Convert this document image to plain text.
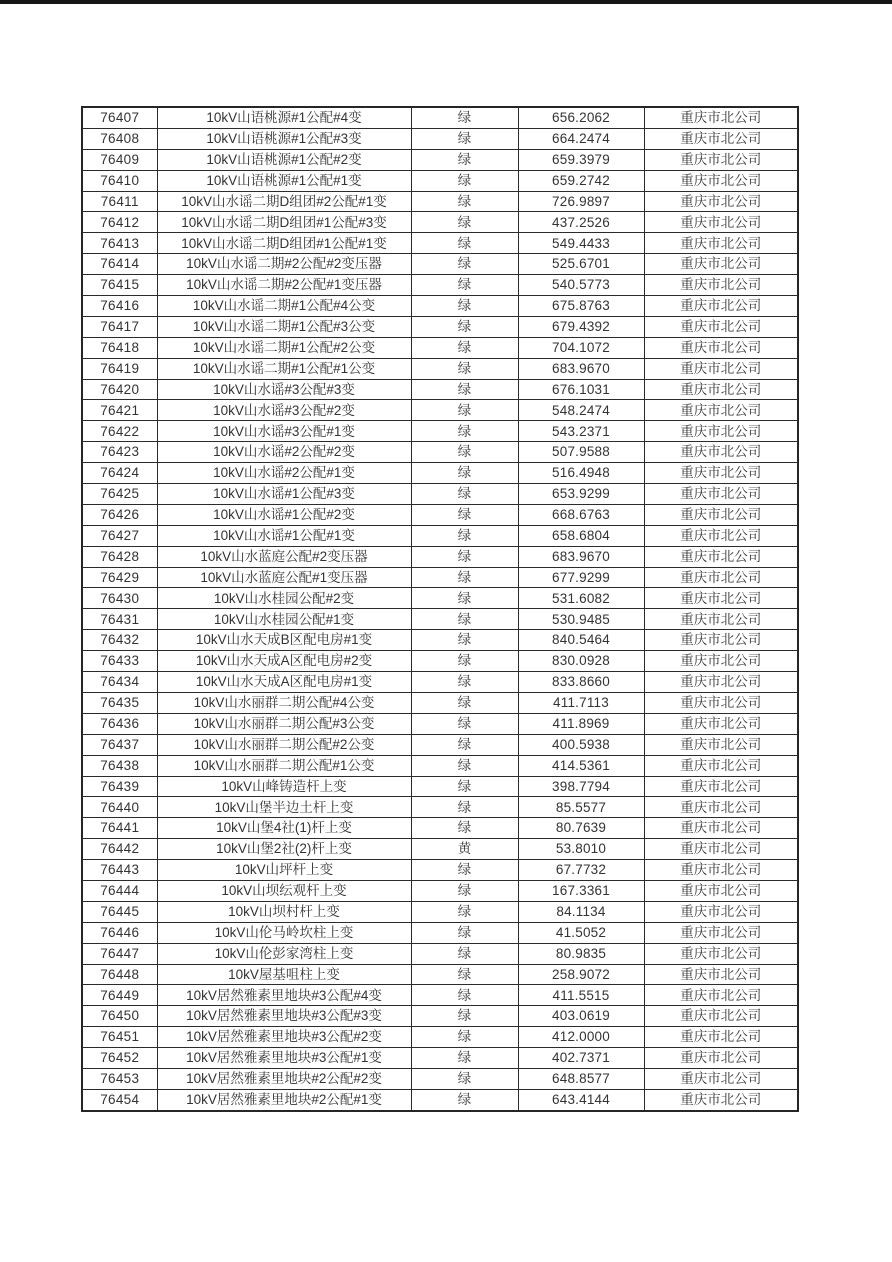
76407	10kV山语桃源#1公配#4变	绿	656.2062	重庆市北公司
76408	10kV山语桃源#1公配#3变	绿	664.2474	重庆市北公司
76409	10kV山语桃源#1公配#2变	绿	659.3979	重庆市北公司
76410	10kV山语桃源#1公配#1变	绿	659.2742	重庆市北公司
76411	10kV山水谣二期D组团#2公配#1变	绿	726.9897	重庆市北公司
76412	10kV山水谣二期D组团#1公配#3变	绿	437.2526	重庆市北公司
76413	10kV山水谣二期D组团#1公配#1变	绿	549.4433	重庆市北公司
76414	10kV山水谣二期#2公配#2变压器	绿	525.6701	重庆市北公司
76415	10kV山水谣二期#2公配#1变压器	绿	540.5773	重庆市北公司
76416	10kV山水谣二期#1公配#4公变	绿	675.8763	重庆市北公司
76417	10kV山水谣二期#1公配#3公变	绿	679.4392	重庆市北公司
76418	10kV山水谣二期#1公配#2公变	绿	704.1072	重庆市北公司
76419	10kV山水谣二期#1公配#1公变	绿	683.9670	重庆市北公司
76420	10kV山水谣#3公配#3变	绿	676.1031	重庆市北公司
76421	10kV山水谣#3公配#2变	绿	548.2474	重庆市北公司
76422	10kV山水谣#3公配#1变	绿	543.2371	重庆市北公司
76423	10kV山水谣#2公配#2变	绿	507.9588	重庆市北公司
76424	10kV山水谣#2公配#1变	绿	516.4948	重庆市北公司
76425	10kV山水谣#1公配#3变	绿	653.9299	重庆市北公司
76426	10kV山水谣#1公配#2变	绿	668.6763	重庆市北公司
76427	10kV山水谣#1公配#1变	绿	658.6804	重庆市北公司
76428	10kV山水蓝庭公配#2变压器	绿	683.9670	重庆市北公司
76429	10kV山水蓝庭公配#1变压器	绿	677.9299	重庆市北公司
76430	10kV山水桂园公配#2变	绿	531.6082	重庆市北公司
76431	10kV山水桂园公配#1变	绿	530.9485	重庆市北公司
76432	10kV山水天成B区配电房#1变	绿	840.5464	重庆市北公司
76433	10kV山水天成A区配电房#2变	绿	830.0928	重庆市北公司
76434	10kV山水天成A区配电房#1变	绿	833.8660	重庆市北公司
76435	10kV山水丽群二期公配#4公变	绿	411.7113	重庆市北公司
76436	10kV山水丽群二期公配#3公变	绿	411.8969	重庆市北公司
76437	10kV山水丽群二期公配#2公变	绿	400.5938	重庆市北公司
76438	10kV山水丽群二期公配#1公变	绿	414.5361	重庆市北公司
76439	10kV山峰铸造杆上变	绿	398.7794	重庆市北公司
76440	10kV山堡半边土杆上变	绿	85.5577	重庆市北公司
76441	10kV山堡4社(1)杆上变	绿	80.7639	重庆市北公司
76442	10kV山堡2社(2)杆上变	黄	53.8010	重庆市北公司
76443	10kV山坪杆上变	绿	67.7732	重庆市北公司
76444	10kV山坝纭观杆上变	绿	167.3361	重庆市北公司
76445	10kV山坝村杆上变	绿	84.1134	重庆市北公司
76446	10kV山伦马岭坎柱上变	绿	41.5052	重庆市北公司
76447	10kV山伦彭家湾柱上变	绿	80.9835	重庆市北公司
76448	10kV屋基咀柱上变	绿	258.9072	重庆市北公司
76449	10kV居然雅素里地块#3公配#4变	绿	411.5515	重庆市北公司
76450	10kV居然雅素里地块#3公配#3变	绿	403.0619	重庆市北公司
76451	10kV居然雅素里地块#3公配#2变	绿	412.0000	重庆市北公司
76452	10kV居然雅素里地块#3公配#1变	绿	402.7371	重庆市北公司
76453	10kV居然雅素里地块#2公配#2变	绿	648.8577	重庆市北公司
76454	10kV居然雅素里地块#2公配#1变	绿	643.4144	重庆市北公司
